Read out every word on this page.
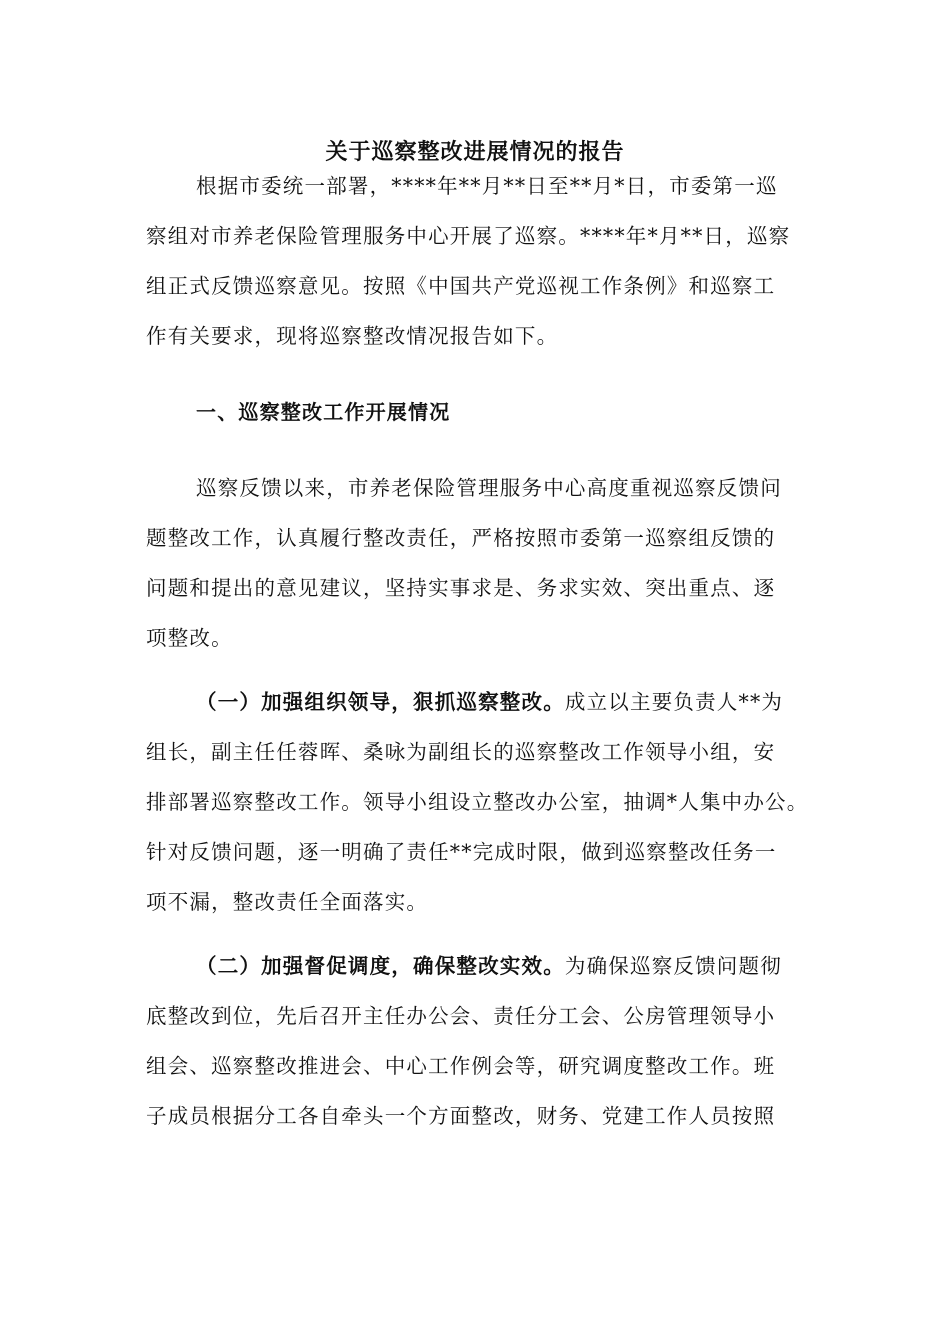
关于巡察整改进展情况的报告
根据市委统一部署，****年**月**日至**月*日，市委第一巡
察组对市养老保险管理服务中心开展了巡察。****年*月**日，巡察
组正式反馈巡察意见。按照《中国共产党巡视工作条例》和巡察工
作有关要求，现将巡察整改情况报告如下。
一、巡察整改工作开展情况
巡察反馈以来，市养老保险管理服务中心高度重视巡察反馈问
题整改工作，认真履行整改责任，严格按照市委第一巡察组反馈的
问题和提出的意见建议，坚持实事求是、务求实效、突出重点、逐
项整改。
（一）加强组织领导，狠抓巡察整改。成立以主要负责人**为
组长，副主任任蓉晖、桑咏为副组长的巡察整改工作领导小组，安
排部署巡察整改工作。领导小组设立整改办公室，抽调*人集中办公。
针对反馈问题，逐一明确了责任**完成时限，做到巡察整改任务一
项不漏，整改责任全面落实。
（二）加强督促调度，确保整改实效。为确保巡察反馈问题彻
底整改到位，先后召开主任办公会、责任分工会、公房管理领导小
组会、巡察整改推进会、中心工作例会等，研究调度整改工作。班
子成员根据分工各自牵头一个方面整改，财务、党建工作人员按照
